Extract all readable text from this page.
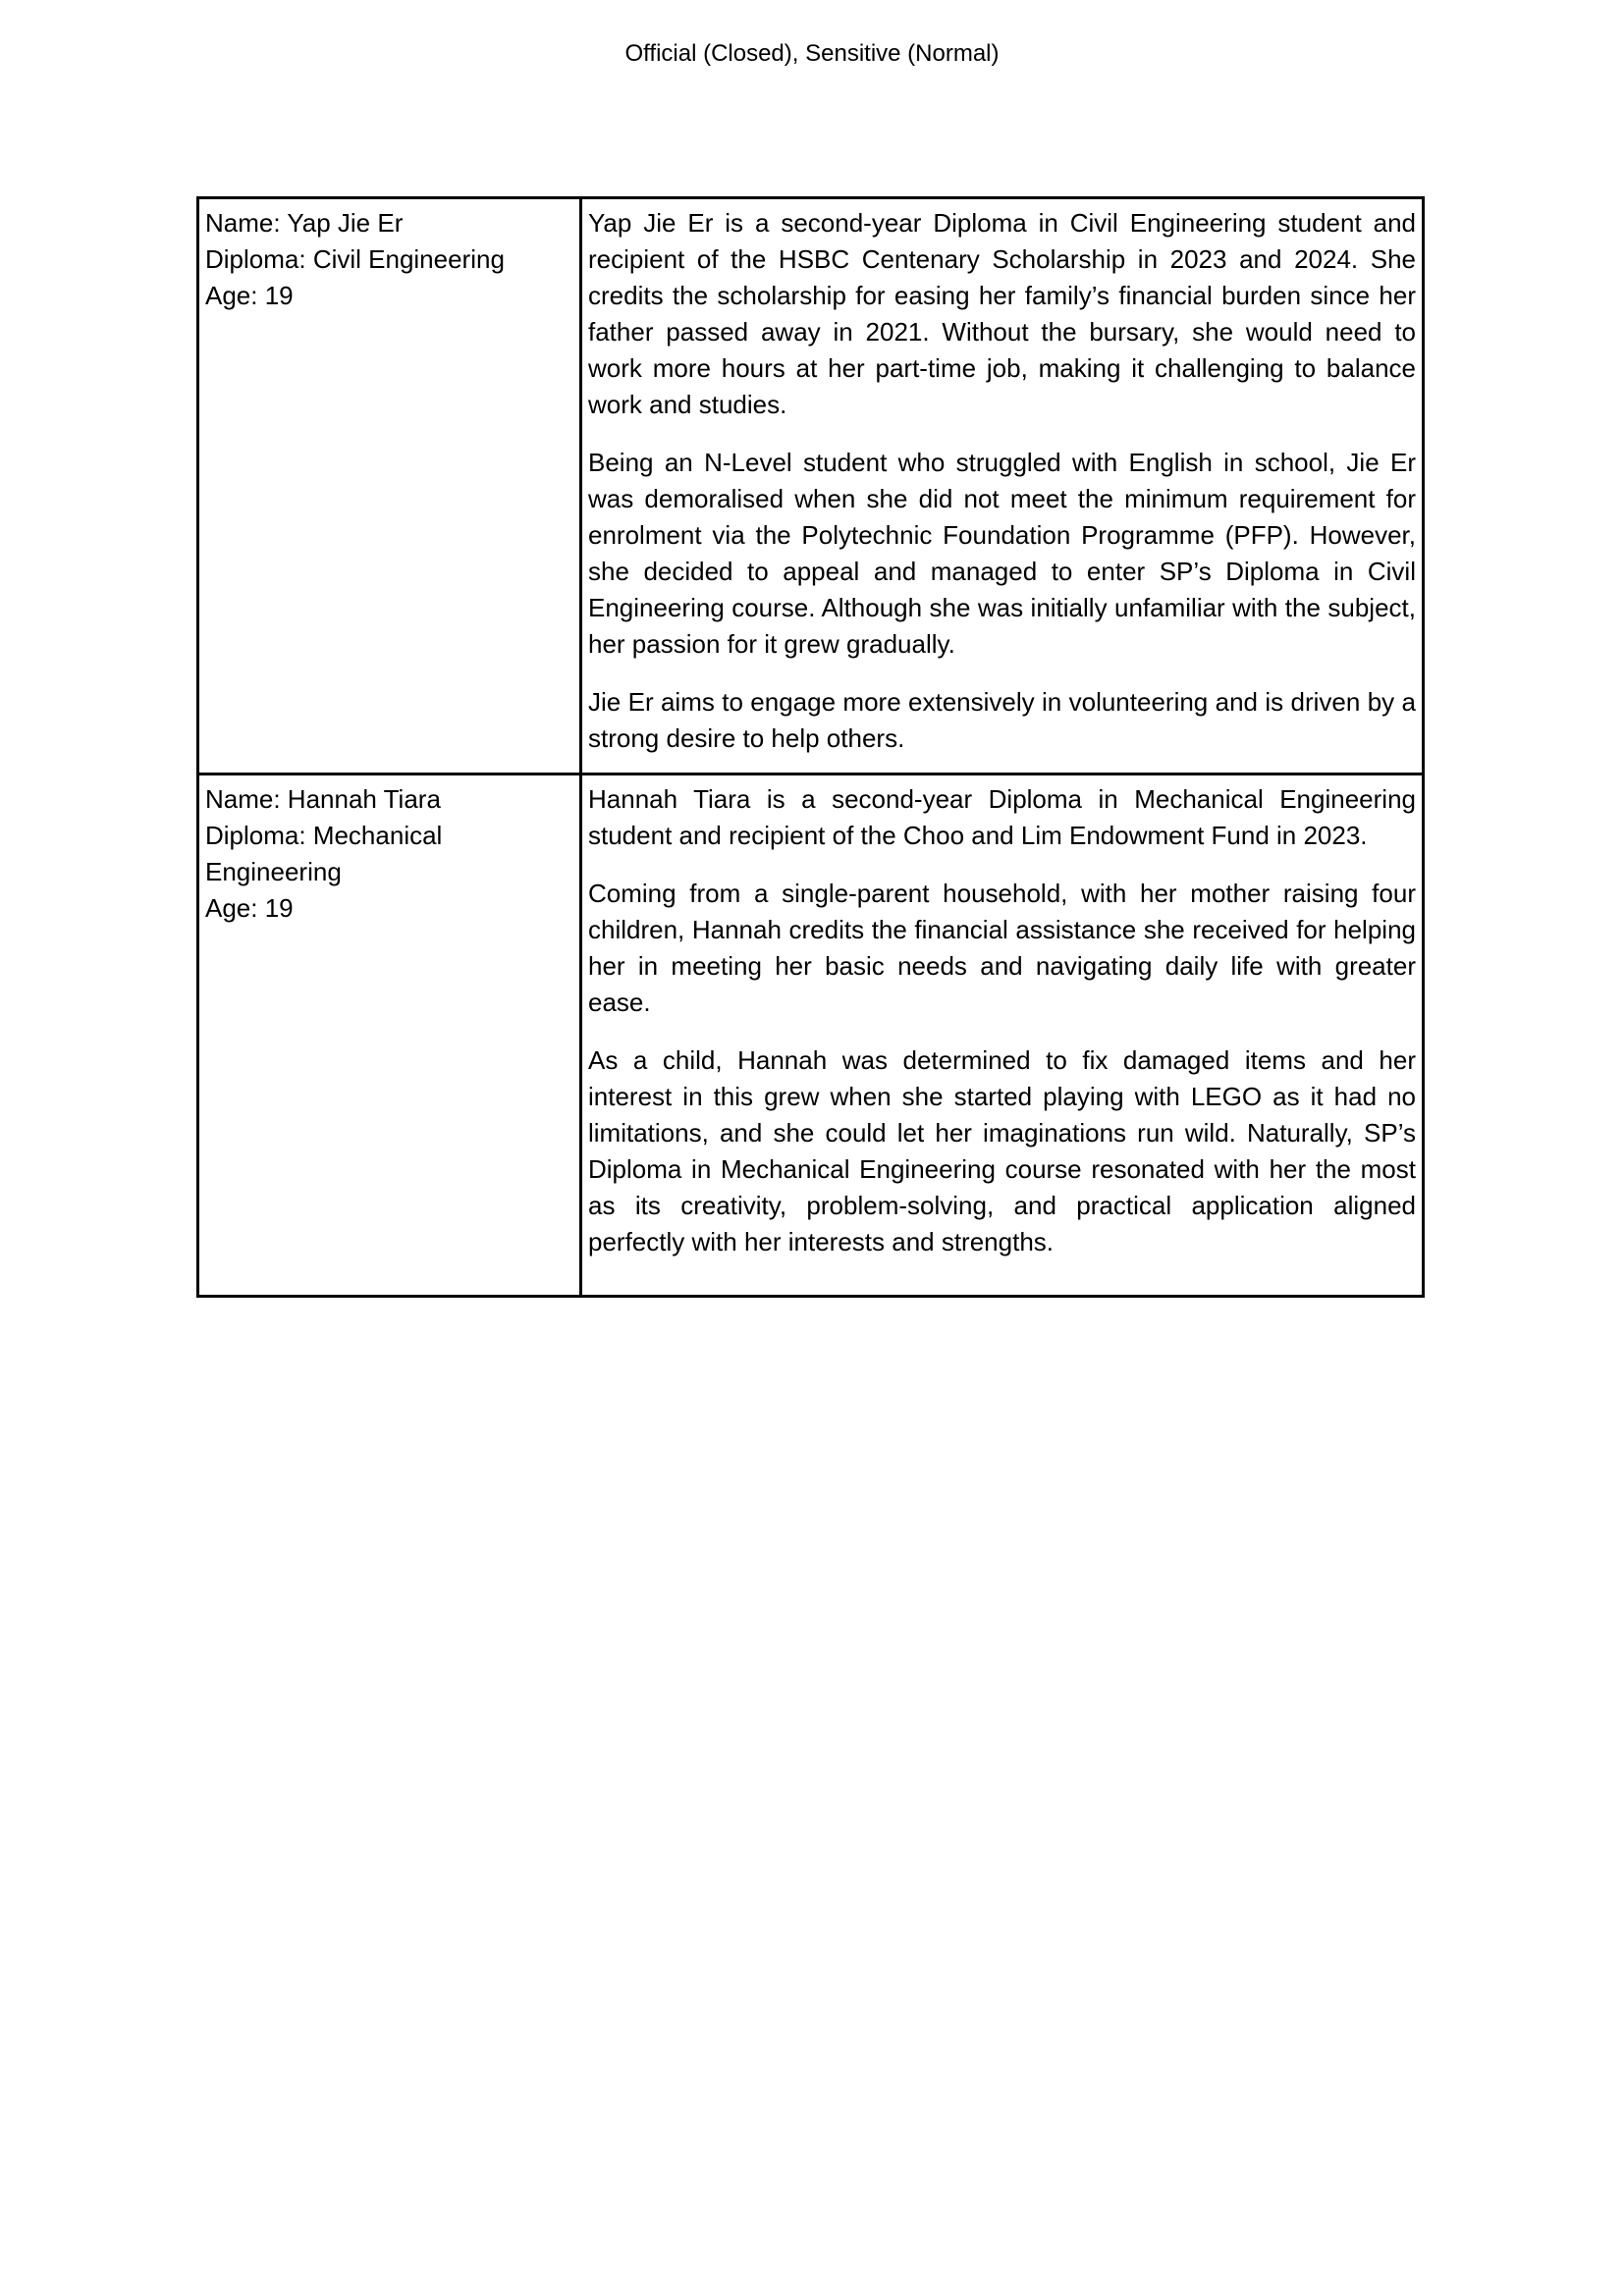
Official (Closed), Sensitive (Normal)
Name: Yap Jie Er
Diploma: Civil Engineering
Age: 19

Yap Jie Er is a second-year Diploma in Civil Engineering student and recipient of the HSBC Centenary Scholarship in 2023 and 2024. She credits the scholarship for easing her family’s financial burden since her father passed away in 2021. Without the bursary, she would need to work more hours at her part-time job, making it challenging to balance work and studies.

Being an N-Level student who struggled with English in school, Jie Er was demoralised when she did not meet the minimum requirement for enrolment via the Polytechnic Foundation Programme (PFP). However, she decided to appeal and managed to enter SP’s Diploma in Civil Engineering course. Although she was initially unfamiliar with the subject, her passion for it grew gradually.

Jie Er aims to engage more extensively in volunteering and is driven by a strong desire to help others.

Name: Hannah Tiara
Diploma: Mechanical Engineering
Age: 19

Hannah Tiara is a second-year Diploma in Mechanical Engineering student and recipient of the Choo and Lim Endowment Fund in 2023.

Coming from a single-parent household, with her mother raising four children, Hannah credits the financial assistance she received for helping her in meeting her basic needs and navigating daily life with greater ease.

As a child, Hannah was determined to fix damaged items and her interest in this grew when she started playing with LEGO as it had no limitations, and she could let her imaginations run wild. Naturally, SP’s Diploma in Mechanical Engineering course resonated with her the most as its creativity, problem-solving, and practical application aligned perfectly with her interests and strengths.
